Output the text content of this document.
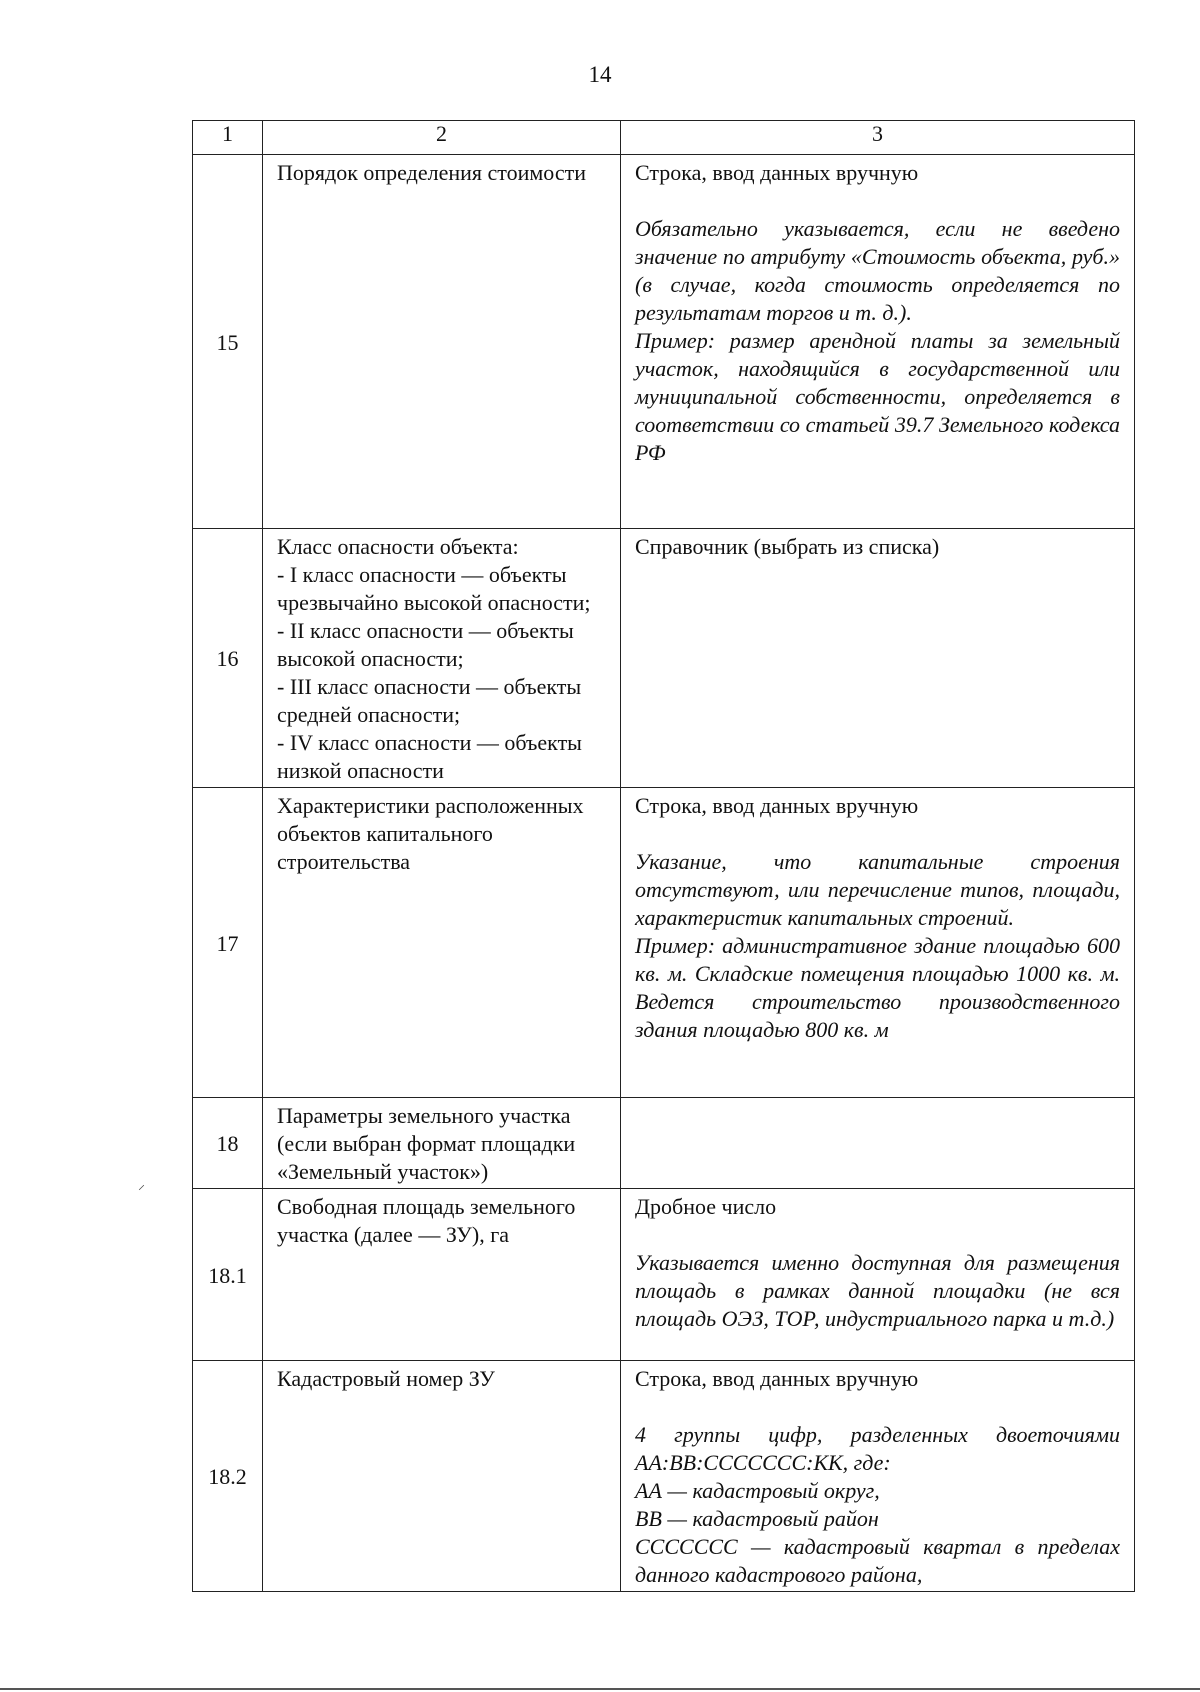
14
1	2	3
15	Порядок определения стоимости	Строка, ввод данных вручную
Обязательно указывается, если не введено значение по атрибуту «Стоимость объекта, руб.» (в случае, когда стоимость определяется по результатам торгов и т. д.).
Пример: размер арендной платы за земельный участок, находящийся в государственной или муниципальной собственности, определяется в соответствии со статьей 39.7 Земельного кодекса РФ

16	Класс опасности объекта:
- I класс опасности — объекты чрезвычайно высокой опасности;
- II класс опасности — объекты высокой опасности;
- III класс опасности — объекты средней опасности;
- IV класс опасности — объекты низкой опасности	Справочник (выбрать из списка)

17	Характеристики расположенных объектов капитального строительства	Строка, ввод данных вручную
Указание, что капитальные строения отсутствуют, или перечисление типов, площади, характеристик капитальных строений.
Пример: административное здание площадью 600 кв. м. Складские помещения площадью 1000 кв. м. Ведется строительство производственного здания площадью 800 кв. м

18	Параметры земельного участка (если выбран формат площадки «Земельный участок»)	

18.1	Свободная площадь земельного участка (далее — ЗУ), га	Дробное число
Указывается именно доступная для размещения площадь в рамках данной площадки (не вся площадь ОЭЗ, ТОР, индустриального парка и т.д.)

18.2	Кадастровый номер ЗУ	Строка, ввод данных вручную
4 группы цифр, разделенных двоеточиями АА:ВВ:ССССССС:КК, где:
АА — кадастровый округ,
ВВ — кадастровый район
ССССССС — кадастровый квартал в пределах данного кадастрового района,
⸝
